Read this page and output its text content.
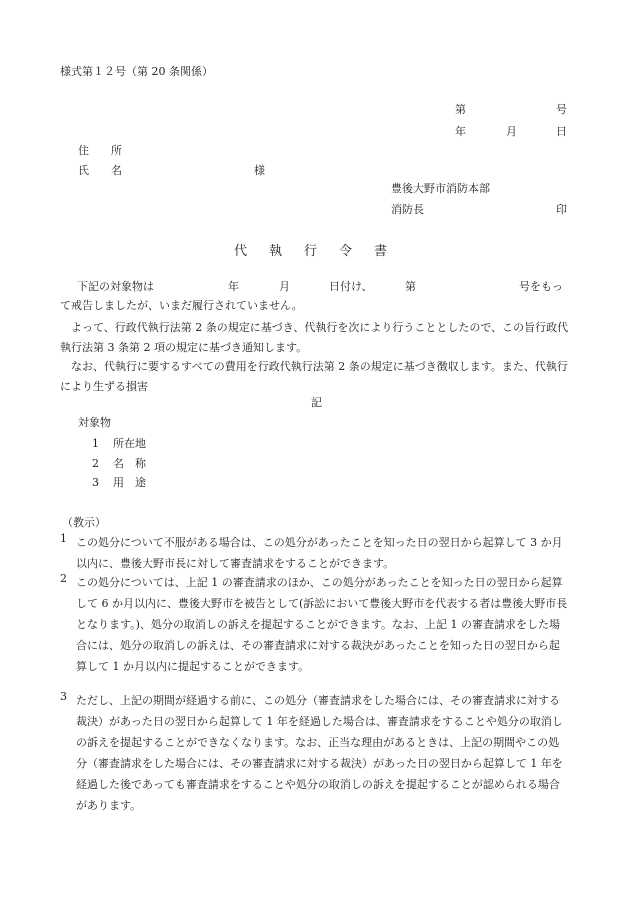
様式第１２号（第 20 条関係）
第	号
年	月	日
住　　所
氏　　名	様
豊後大野市消防本部
消防長	印
代 執 行 令 書
下記の対象物は	年	月	日付け、	第	号をもっ
て戒告しましたが、いまだ履行されていません。
　よって、行政代執行法第 2 条の規定に基づき、代執行を次により行うこととしたので、この旨行政代執行法第 3 条第 2 項の規定に基づき通知します。
　なお、代執行に要するすべての費用を行政代執行法第 2 条の規定に基づき徴収します。また、代執行により生ずる損害
記
対象物
1 所在地
2 名　称
3 用　途
（教示）
1 この処分について不服がある場合は、この処分があったことを知った日の翌日から起算して 3 か月以内に、豊後大野市長に対して審査請求をすることができます。
2 この処分については、上記 1 の審査請求のほか、この処分があったことを知った日の翌日から起算して 6 か月以内に、豊後大野市を被告として(訴訟において豊後大野市を代表する者は豊後大野市長となります。)、処分の取消しの訴えを提起することができます。なお、上記 1 の審査請求をした場合には、処分の取消しの訴えは、その審査請求に対する裁決があったことを知った日の翌日から起算して 1 か月以内に提起することができます。
3 ただし、上記の期間が経過する前に、この処分（審査請求をした場合には、その審査請求に対する裁決）があった日の翌日から起算して 1 年を経過した場合は、審査請求をすることや処分の取消しの訴えを提起することができなくなります。なお、正当な理由があるときは、上記の期間やこの処分（審査請求をした場合には、その審査請求に対する裁決）があった日の翌日から起算して 1 年を経過した後であっても審査請求をすることや処分の取消しの訴えを提起することが認められる場合があります。
